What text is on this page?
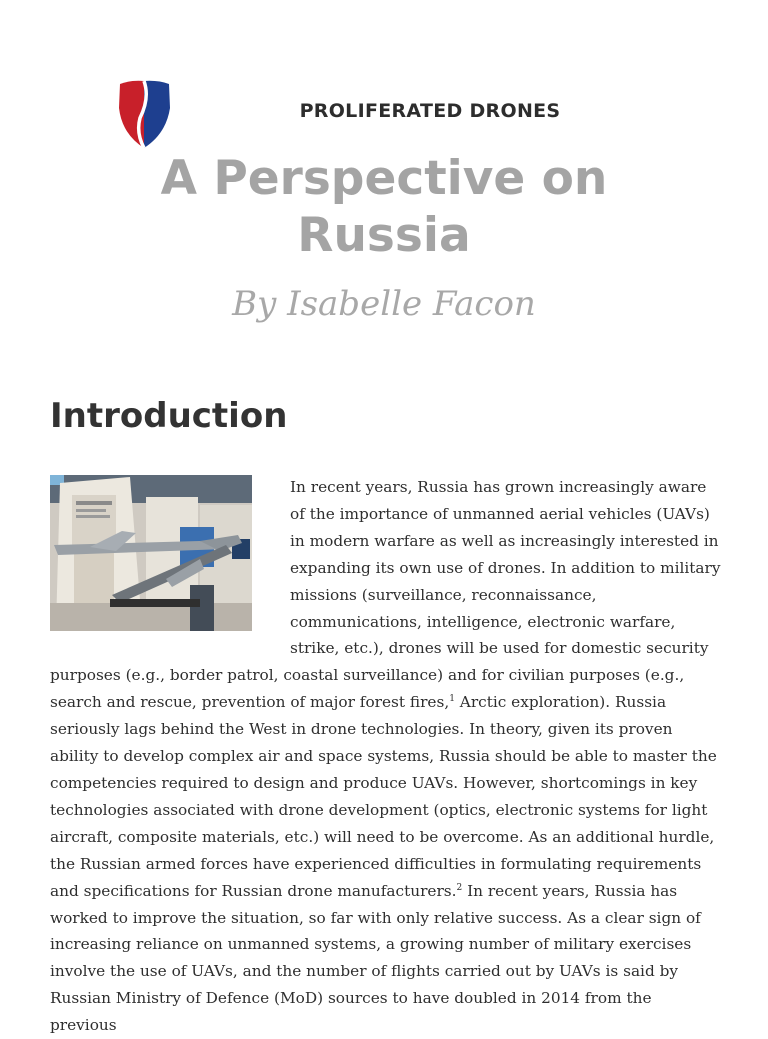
PROLIFERATED DRONES
A Perspective on Russia
By Isabelle Facon
Introduction
In recent years, Russia has grown increasingly aware of the importance of unmanned aerial vehicles (UAVs) in modern warfare as well as increasingly interested in expanding its own use of drones. In addition to military missions (surveillance, reconnaissance, communications, intelligence, electronic warfare, strike, etc.), drones will be used for domestic security purposes (e.g., border patrol, coastal surveillance) and for civilian purposes (e.g., search and rescue, prevention of major forest fires,$^1$ Arctic exploration). Russia seriously lags behind the West in drone technologies. In theory, given its proven ability to develop complex air and space systems, Russia should be able to master the competencies required to design and produce UAVs. However, shortcomings in key technologies associated with drone development (optics, electronic systems for light aircraft, composite materials, etc.) will need to be overcome. As an additional hurdle, the Russian armed forces have experienced difficulties in formulating requirements and specifications for Russian drone manufacturers.$^2$ In recent years, Russia has worked to improve the situation, so far with only relative success. As a clear sign of increasing reliance on unmanned systems, a growing number of military exercises involve the use of UAVs, and the number of flights carried out by UAVs is said by Russian Ministry of Defence (MoD) sources to have doubled in 2014 from the previous
